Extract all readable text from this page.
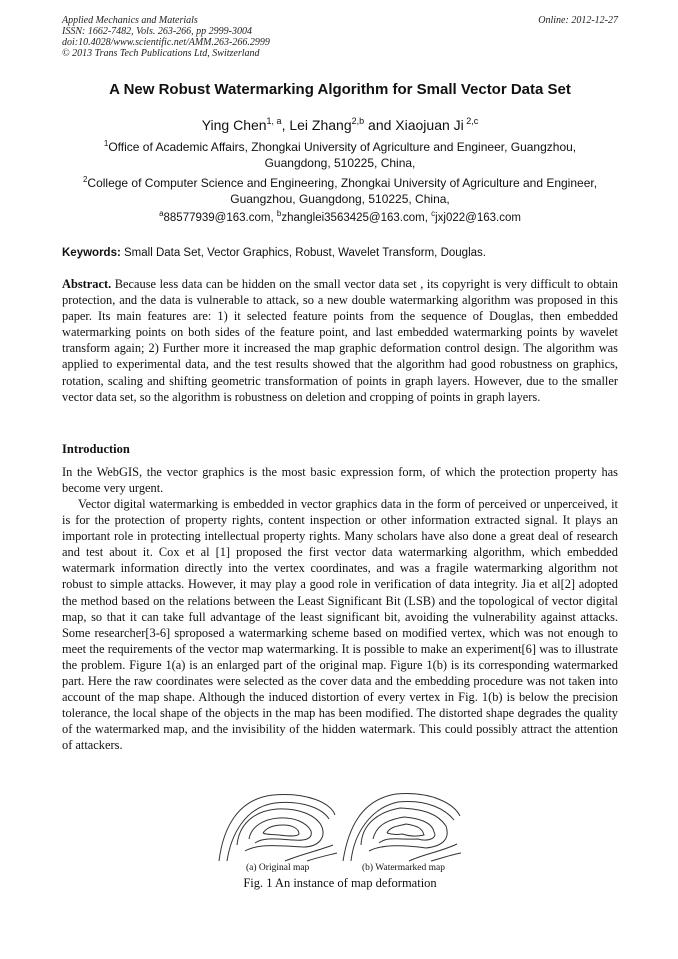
Applied Mechanics and Materials
ISSN: 1662-7482, Vols. 263-266, pp 2999-3004
doi:10.4028/www.scientific.net/AMM.263-266.2999
© 2013 Trans Tech Publications Ltd, Switzerland
Online: 2012-12-27
A New Robust Watermarking Algorithm for Small Vector Data Set
Ying Chen$^{1, a}$, Lei Zhang$^{2,b}$ and Xiaojuan Ji $^{2,c}$
$^1$Office of Academic Affairs, Zhongkai University of Agriculture and Engineer, Guangzhou,
Guangdong, 510225, China,
$^2$College of Computer Science and Engineering, Zhongkai University of Agriculture and Engineer,
Guangzhou, Guangdong, 510225, China,
$^a$88577939@163.com, $^b$zhanglei3563425@163.com, $^c$jxj022@163.com
Keywords: Small Data Set, Vector Graphics, Robust, Wavelet Transform, Douglas.
Abstract. Because less data can be hidden on the small vector data set , its copyright is very difficult to obtain protection, and the data is vulnerable to attack, so a new double watermarking algorithm was proposed in this paper. Its main features are: 1) it selected feature points from the sequence of Douglas, then embedded watermarking points on both sides of the feature point, and last embedded watermarking points by wavelet transform again; 2) Further more it increased the map graphic deformation control design. The algorithm was applied to experimental data, and the test results showed that the algorithm had good robustness on graphics, rotation, scaling and shifting geometric transformation of points in graph layers. However, due to the smaller vector data set, so the algorithm is robustness on deletion and cropping of points in graph layers.
Introduction
In the WebGIS, the vector graphics is the most basic expression form, of which the protection property has become very urgent.
Vector digital watermarking is embedded in vector graphics data in the form of perceived or unperceived, it is for the protection of property rights, content inspection or other information extracted signal. It plays an important role in protecting intellectual property rights. Many scholars have also done a great deal of research and test about it. Cox et al [1] proposed the first vector data watermarking algorithm, which embedded watermark information directly into the vertex coordinates, and was a fragile watermarking algorithm not robust to simple attacks. However, it may play a good role in verification of data integrity. Jia et al[2] adopted the method based on the relations between the Least Significant Bit (LSB) and the topological of vector digital map, so that it can take full advantage of the least significant bit, avoiding the vulnerability against attacks. Some researcher[3-6] sproposed a watermarking scheme based on modified vertex, which was not enough to meet the requirements of the vector map watermarking. It is possible to make an experiment[6] was to illustrate the problem. Figure 1(a) is an enlarged part of the original map. Figure 1(b) is its corresponding watermarked part. Here the raw coordinates were selected as the cover data and the embedding procedure was not taken into account of the map shape. Although the induced distortion of every vertex in Fig. 1(b) is below the precision tolerance, the local shape of the objects in the map has been modified. The distorted shape degrades the quality of the watermarked map, and the invisibility of the hidden watermark. This could possibly attract the attention of attackers.
(a) Original map	(b) Watermarked map
Fig. 1 An instance of map deformation
